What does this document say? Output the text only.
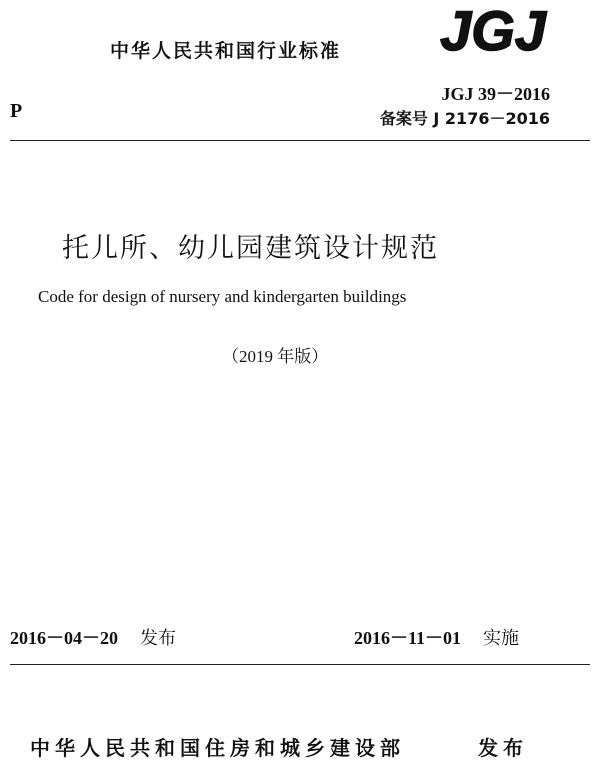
中华人民共和国行业标准 JGJ
P
JGJ 39－2016
备案号 J 2176－2016
托儿所、幼儿园建筑设计规范
Code for design of nursery and kindergarten buildings
（2019 年版）
2016－04－20 发布	2016－11－01 实施
中华人民共和国住房和城乡建设部	发布
